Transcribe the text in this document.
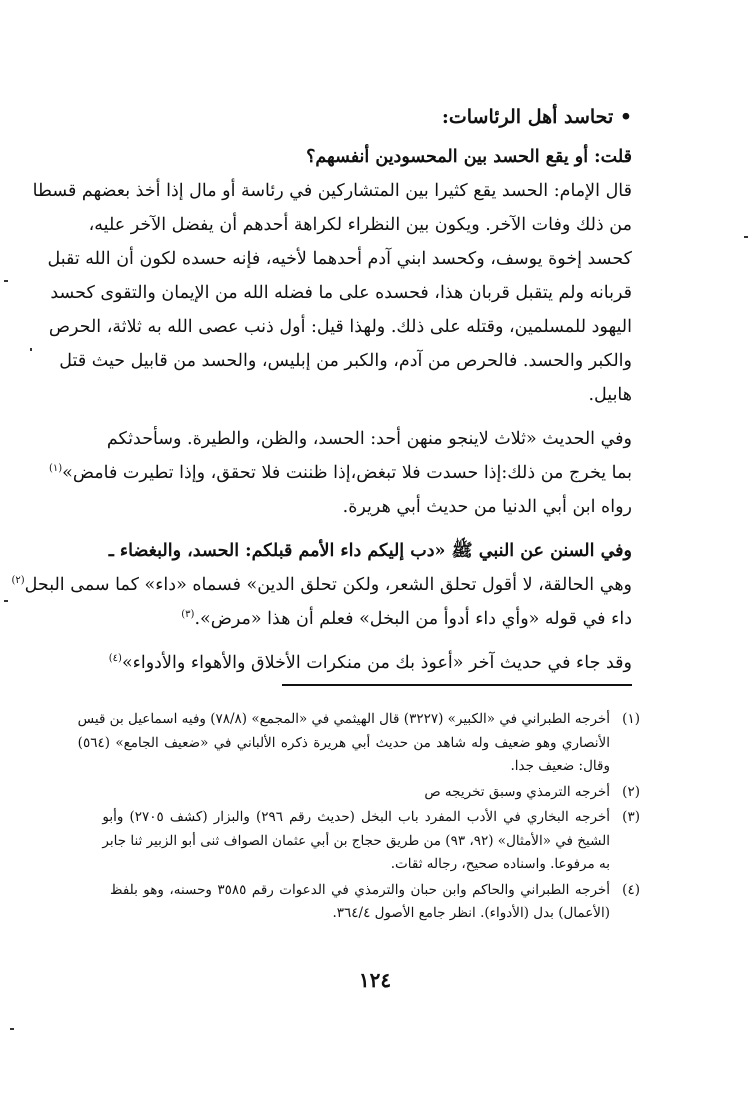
• تحاسد أهل الرئاسات:
قلت: أو يقع الحسد بين المحسودين أنفسهم؟
قال الإمام: الحسد يقع كثيرا بين المتشاركين في رئاسة أو مال إذا أخذ بعضهم قسطا
من ذلك وفات الآخر. ويكون بين النظراء لكراهة أحدهم أن يفضل الآخر عليه،
كحسد إخوة يوسف، وكحسد ابني آدم أحدهما لأخيه، فإنه حسده لكون أن الله تقبل
قربانه ولم يتقبل قربان هذا، فحسده على ما فضله الله من الإيمان والتقوى كحسد
اليهود للمسلمين، وقتله على ذلك. ولهذا قيل: أول ذنب عصى الله به ثلاثة، الحرص
والكبر والحسد. فالحرص من آدم، والكبر من إبليس، والحسد من قابيل حيث قتل
هابيل.
وفي الحديث «ثلاث لاينجو منهن أحد: الحسد، والظن، والطيرة. وسأحدثكم
بما يخرج من ذلك:إذا حسدت فلا تبغض،إذا ظننت فلا تحقق، وإذا تطيرت فامض»$^{(١)}$
رواه ابن أبي الدنيا من حديث أبي هريرة.
وفي السنن عن النبي ﷺ «دب إليكم داء الأمم قبلكم: الحسد، والبغضاء ـ
وهي الحالقة، لا أقول تحلق الشعر، ولكن تحلق الدين» فسماه «داء» كما سمى البحل$^{(٢)}$
داء في قوله «وأي داء أدوأ من البخل» فعلم أن هذا «مرض».$^{(٣)}$
وقد جاء في حديث آخر «أعوذ بك من منكرات الأخلاق والأهواء والأدواء»$^{(٤)}$
(١)
أخرجه الطبراني في «الكبير» (٣٢٢٧) قال الهيثمي في «المجمع» (٧٨/٨) وفيه اسماعيل بن قيس
الأنصاري وهو ضعيف وله شاهد من حديث أبي هريرة ذكره الألباني في «ضعيف الجامع» (٥٦٤)
وقال: ضعيف جدا.
(٢)
أخرجه الترمذي وسبق تخريجه ص
(٣)
أخرجه البخاري في الأدب المفرد باب البخل (حديث رقم ٢٩٦) والبزار (كشف ٢٧٠٥) وأبو
الشيخ في «الأمثال» (٩٢، ٩٣) من طريق حجاج بن أبي عثمان الصواف ثنى أبو الزبير ثنا جابر
به مرفوعا. واسناده صحيح، رجاله ثقات.
(٤)
أخرجه الطبراني والحاكم وابن حبان والترمذي في الدعوات رقم ٣٥٨٥ وحسنه، وهو بلفظ
(الأعمال) بدل (الأدواء). انظر جامع الأصول ٣٦٤/٤.
١٢٤
